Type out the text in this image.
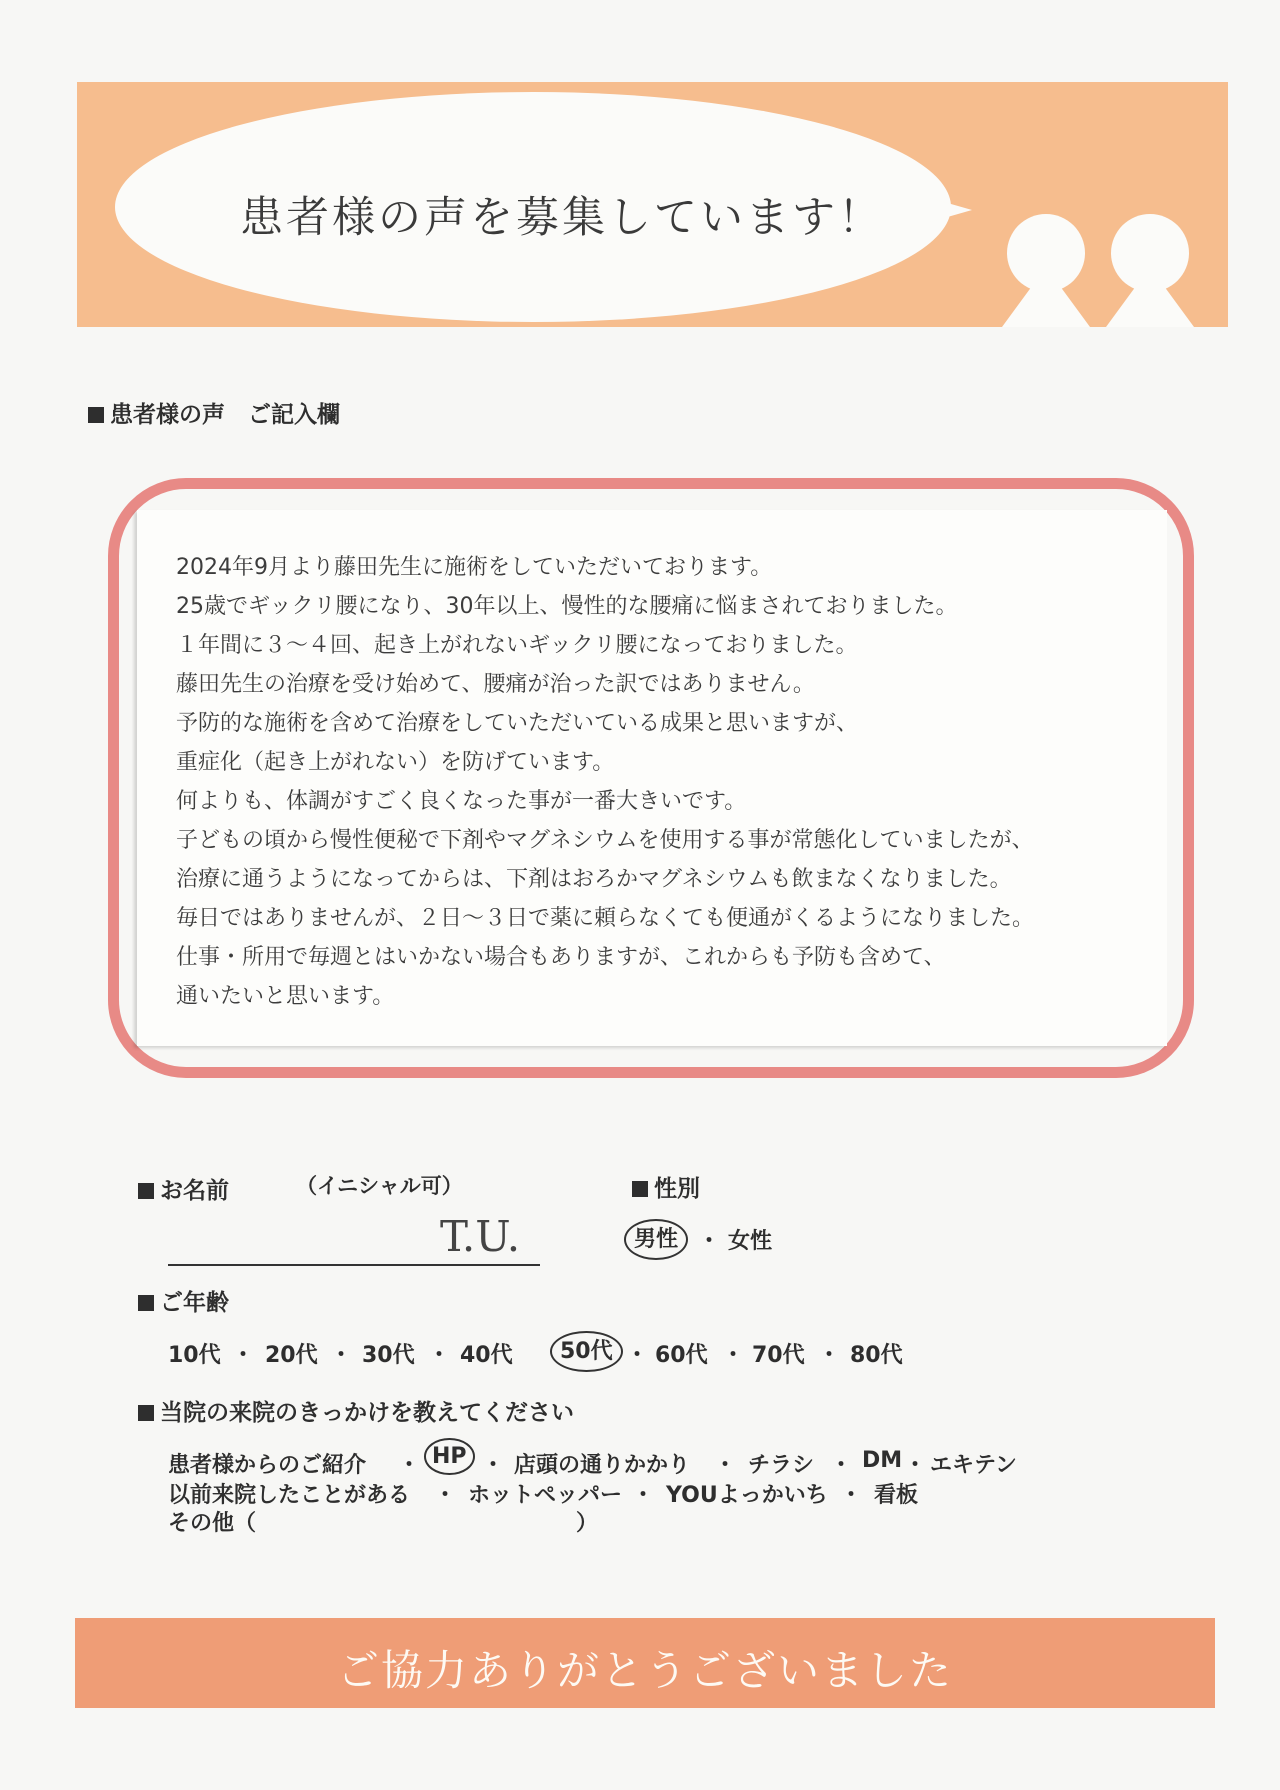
患者様の声を募集しています！
患者様の声　ご記入欄
2024年9月より藤田先生に施術をしていただいております。
25歳でギックリ腰になり、30年以上、慢性的な腰痛に悩まされておりました。
１年間に３～４回、起き上がれないギックリ腰になっておりました。
藤田先生の治療を受け始めて、腰痛が治った訳ではありません。
予防的な施術を含めて治療をしていただいている成果と思いますが、
重症化（起き上がれない）を防げています。
何よりも、体調がすごく良くなった事が一番大きいです。
子どもの頃から慢性便秘で下剤やマグネシウムを使用する事が常態化していましたが、
治療に通うようになってからは、下剤はおろかマグネシウムも飲まなくなりました。
毎日ではありませんが、２日～３日で薬に頼らなくても便通がくるようになりました。
仕事・所用で毎週とはいかない場合もありますが、これからも予防も含めて、
通いたいと思います。
お名前	（イニシャル可）
T.U.
性別
男性 ・ 女性
ご年齢
10代 ・ 20代 ・ 30代 ・ 40代	50代 ・ 60代 ・ 70代 ・ 80代
当院の来院のきっかけを教えてください
患者様からのご紹介 ・ HP ・ 店頭の通りかかり ・ チラシ ・ DM ・ エキテン
以前来院したことがある ・ ホットペッパー ・ YOUよっかいち ・ 看板
その他（	）
ご協力ありがとうございました
